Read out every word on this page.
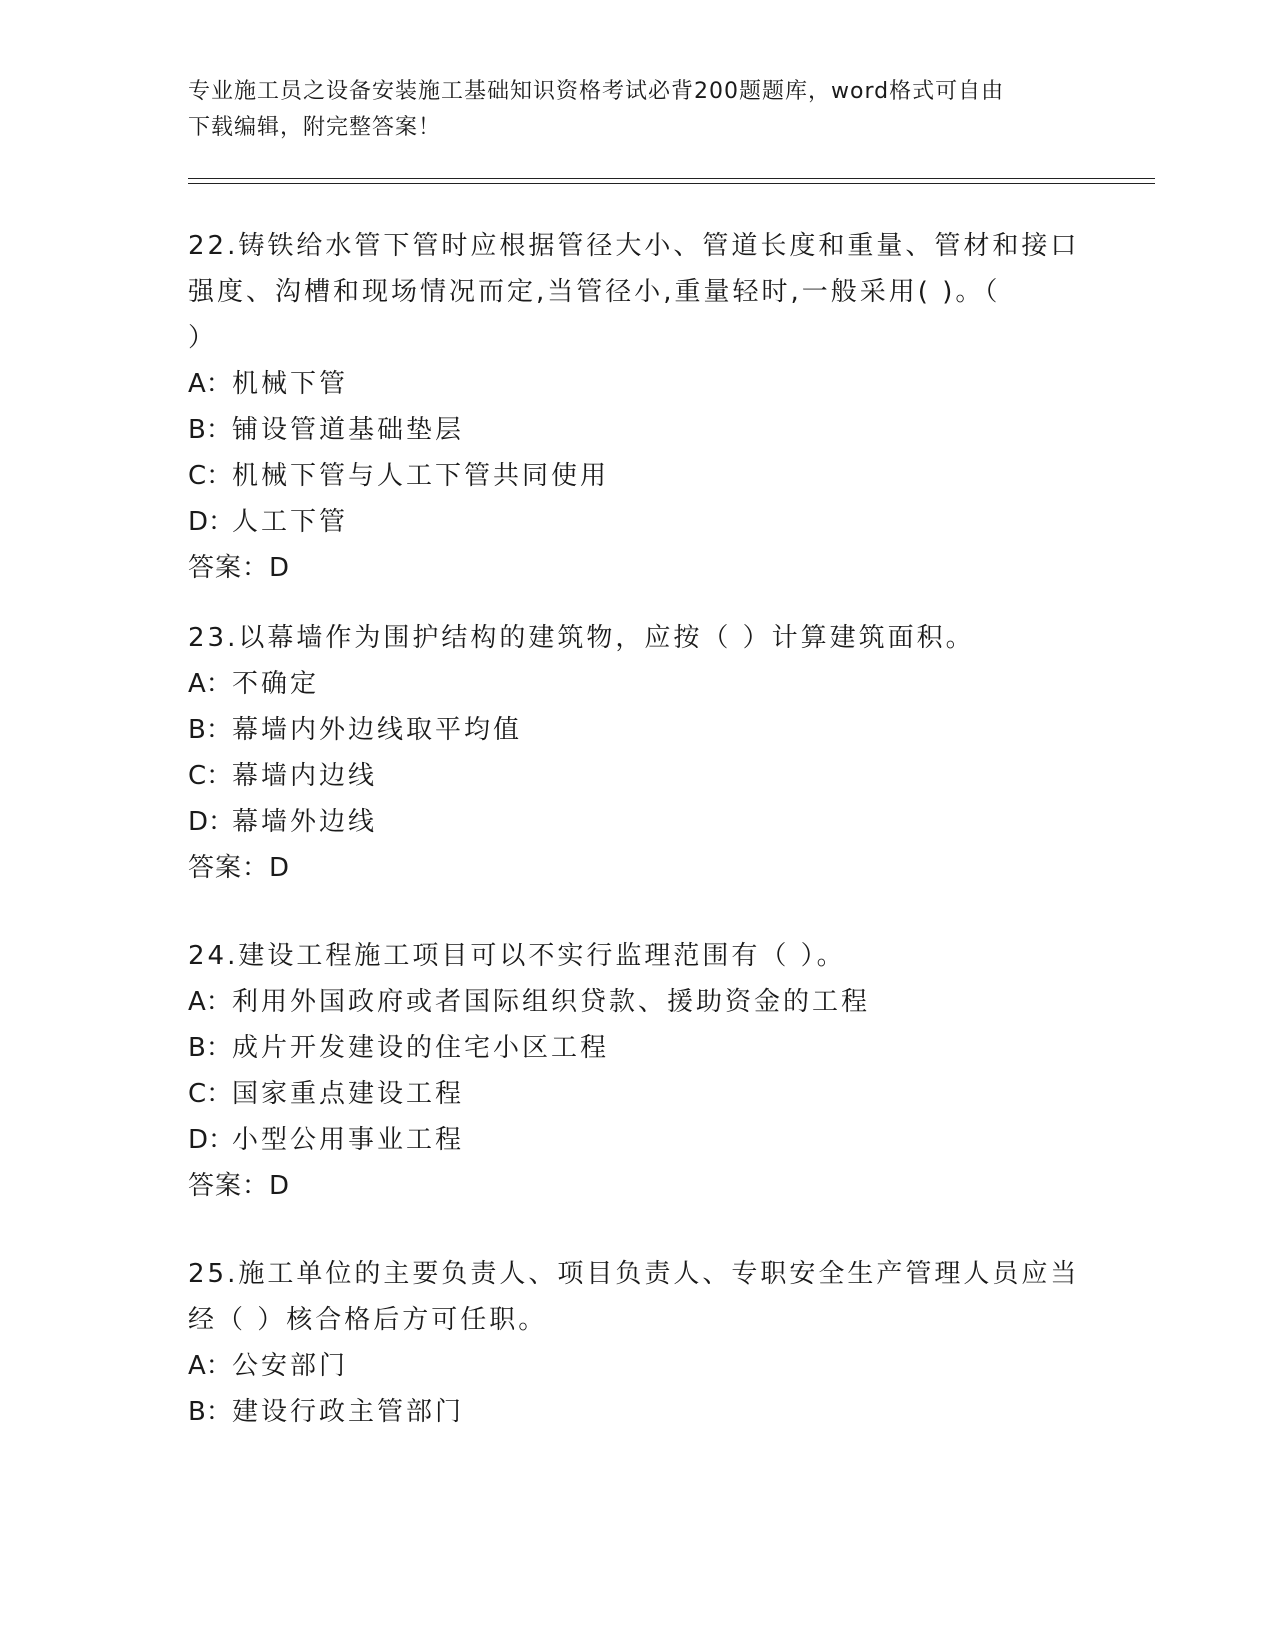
专业施工员之设备安装施工基础知识资格考试必背200题题库，word格式可自由
下载编辑，附完整答案！
22.铸铁给水管下管时应根据管径大小、管道长度和重量、管材和接口
强度、沟槽和现场情况而定,当管径小,重量轻时,一般采用( )。（
）
A：机械下管
B：铺设管道基础垫层
C：机械下管与人工下管共同使用
D：人工下管
答案：D
23.以幕墙作为围护结构的建筑物，应按（ ）计算建筑面积。
A：不确定
B：幕墙内外边线取平均值
C：幕墙内边线
D：幕墙外边线
答案：D
24.建设工程施工项目可以不实行监理范围有（ ）。
A：利用外国政府或者国际组织贷款、援助资金的工程
B：成片开发建设的住宅小区工程
C：国家重点建设工程
D：小型公用事业工程
答案：D
25.施工单位的主要负责人、项目负责人、专职安全生产管理人员应当
经（ ）核合格后方可任职。
A：公安部门
B：建设行政主管部门
